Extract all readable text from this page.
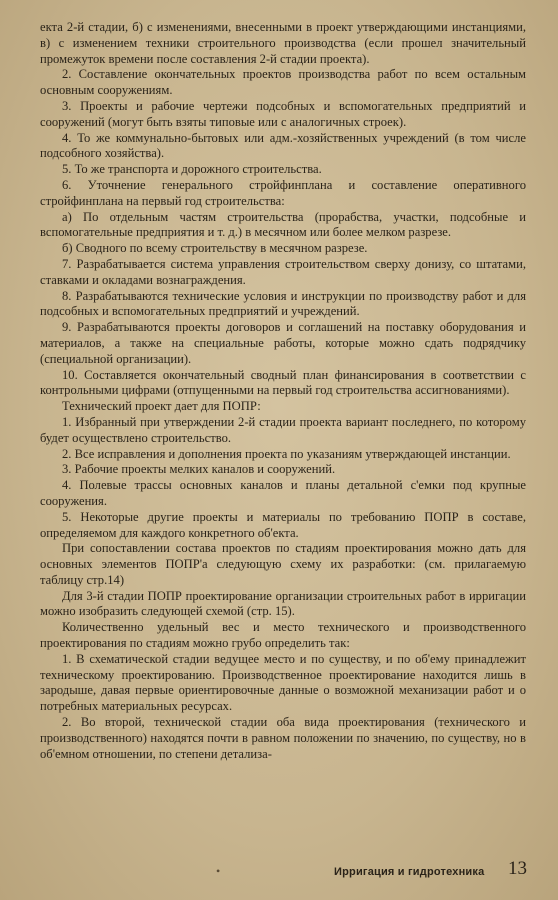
екта 2-й стадии, б) с изменениями, внесенными в проект утверждающими инстанциями, в) с изменением техники строительного производства (если прошел значительный промежуток времени после составления 2-й стадии проекта).

2. Составление окончательных проектов производства работ по всем остальным основным сооружениям.

3. Проекты и рабочие чертежи подсобных и вспомогательных предприятий и сооружений (могут быть взяты типовые или с аналогичных строек).

4. То же коммунально-бытовых или адм.-хозяйственных учреждений (в том числе подсобного хозяйства).

5. То же транспорта и дорожного строительства.

6. Уточнение генерального стройфинплана и составление оперативного стройфинплана на первый год строительства:

а) По отдельным частям строительства (прорабства, участки, подсобные и вспомогательные предприятия и т. д.) в месячном или более мелком разрезе.

б) Сводного по всему строительству в месячном разрезе.

7. Разрабатывается система управления строительством сверху донизу, со штатами, ставками и окладами вознаграждения.

8. Разрабатываются технические условия и инструкции по производству работ и для подсобных и вспомогательных предприятий и учреждений.

9. Разрабатываются проекты договоров и соглашений на поставку оборудования и материалов, а также на специальные работы, которые можно сдать подрядчику (специальной организации).

10. Составляется окончательный сводный план финансирования в соответствии с контрольными цифрами (отпущенными на первый год строительства ассигнованиями).

Технический проект дает для ПОПР:

1. Избранный при утверждении 2-й стадии проекта вариант последнего, по которому будет осуществлено строительство.

2. Все исправления и дополнения проекта по указаниям утверждающей инстанции.

3. Рабочие проекты мелких каналов и сооружений.

4. Полевые трассы основных каналов и планы детальной с'емки под крупные сооружения.

5. Некоторые другие проекты и материалы по требованию ПОПР в составе, определяемом для каждого конкретного об'екта.

При сопоставлении состава проектов по стадиям проектирования можно дать для основных элементов ПОПР'а следующую схему их разработки: (см. прилагаемую таблицу стр.14)

Для 3-й стадии ПОПР проектирование организации строительных работ в ирригации можно изобразить следующей схемой (стр. 15).

Количественно удельный вес и место технического и производственного проектирования по стадиям можно грубо определить так:

1. В схематической стадии ведущее место и по существу, и по об'ему принадлежит техническому проектированию. Производственное проектирование находится лишь в зародыше, давая первые ориентировочные данные о возможной механизации работ и о потребных материальных ресурсах.

2. Во второй, технической стадии оба вида проектирования (технического и производственного) находятся почти в равном положении по значению, по существу, но в об'емном отношении, по степени детализа-

•	Ирригация и гидротехника 13
